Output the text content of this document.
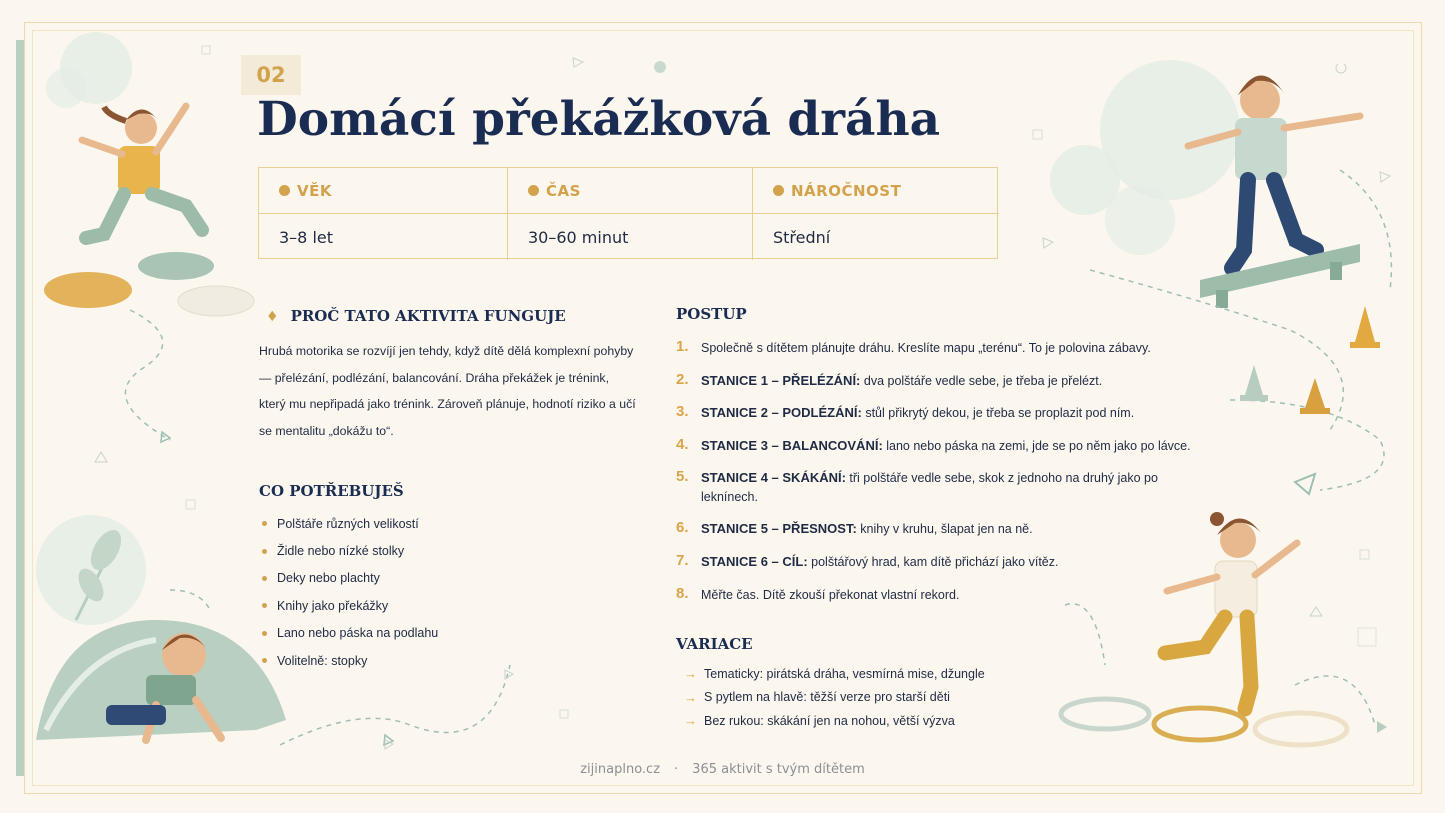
02
Domácí překážková dráha
VĚK	ČAS	NÁROČNOST
3–8 let	30–60 minut	Střední
♦ PROČ TATO AKTIVITA FUNGUJE
Hrubá motorika se rozvíjí jen tehdy, když dítě dělá komplexní pohyby — přelézání, podlézání, balancování. Dráha překážek je trénink, který mu nepřipadá jako trénink. Zároveň plánuje, hodnotí riziko a učí se mentalitu „dokážu to“.
CO POTŘEBUJEŠ
Polštáře různých velikostí
Židle nebo nízké stolky
Deky nebo plachty
Knihy jako překážky
Lano nebo páska na podlahu
Volitelně: stopky
POSTUP
1. Společně s dítětem plánujte dráhu. Kreslíte mapu „terénu“. To je polovina zábavy.
2. STANICE 1 – PŘELÉZÁNÍ: dva polštáře vedle sebe, je třeba je přelézt.
3. STANICE 2 – PODLÉZÁNÍ: stůl přikrytý dekou, je třeba se proplazit pod ním.
4. STANICE 3 – BALANCOVÁNÍ: lano nebo páska na zemi, jde se po něm jako po lávce.
5. STANICE 4 – SKÁKÁNÍ: tři polštáře vedle sebe, skok z jednoho na druhý jako po leknínech.
6. STANICE 5 – PŘESNOST: knihy v kruhu, šlapat jen na ně.
7. STANICE 6 – CÍL: polštářový hrad, kam dítě přichází jako vítěz.
8. Měřte čas. Dítě zkouší překonat vlastní rekord.
VARIACE
→ Tematicky: pirátská dráha, vesmírná mise, džungle
→ S pytlem na hlavě: těžší verze pro starší děti
→ Bez rukou: skákání jen na nohou, větší výzva
zijinaplno.cz · 365 aktivit s tvým dítětem
